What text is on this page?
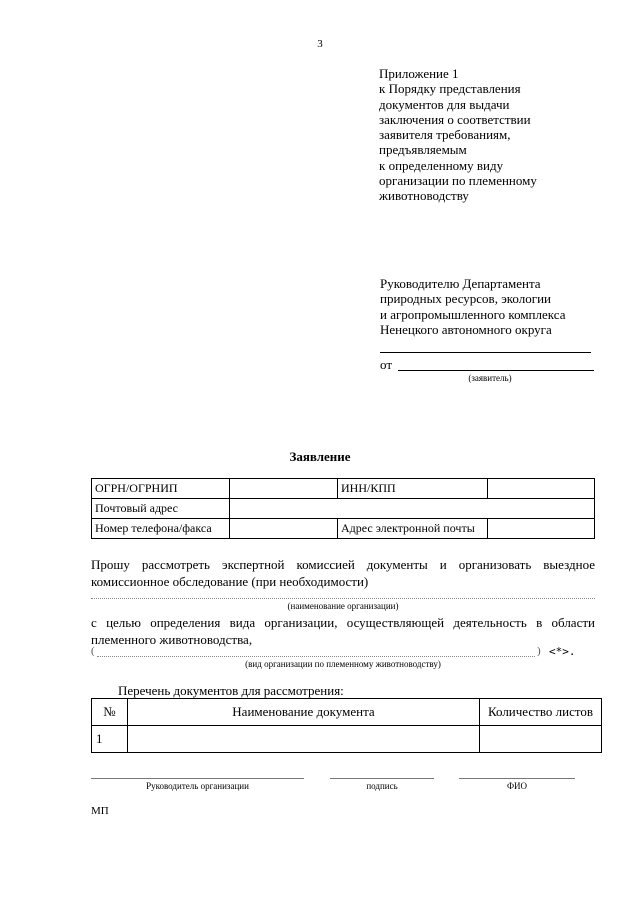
3
Приложение 1
к Порядку представления
документов для выдачи
заключения о соответствии
заявителя требованиям,
предъявляемым
к определенному виду
организации по племенному
животноводству
Руководителю Департамента
природных ресурсов, экологии
и агропромышленного комплекса
Ненецкого автономного округа
от
(заявитель)
Заявление
ОГРН/ОГРНИП		ИНН/КПП	
Почтовый адрес			
Номер телефона/факса		Адрес электронной почты	
Прошу рассмотреть экспертной комиссией документы и организовать выездное
комиссионное обследование (при необходимости)
(наименование организации)
с целью определения вида организации, осуществляющей деятельность в области
племенного животноводства,
(	) <*>.
(вид организации по племенному животноводству)
Перечень документов для рассмотрения:
№	Наименование документа	Количество листов
1		
Руководитель организации	подпись	ФИО
МП
